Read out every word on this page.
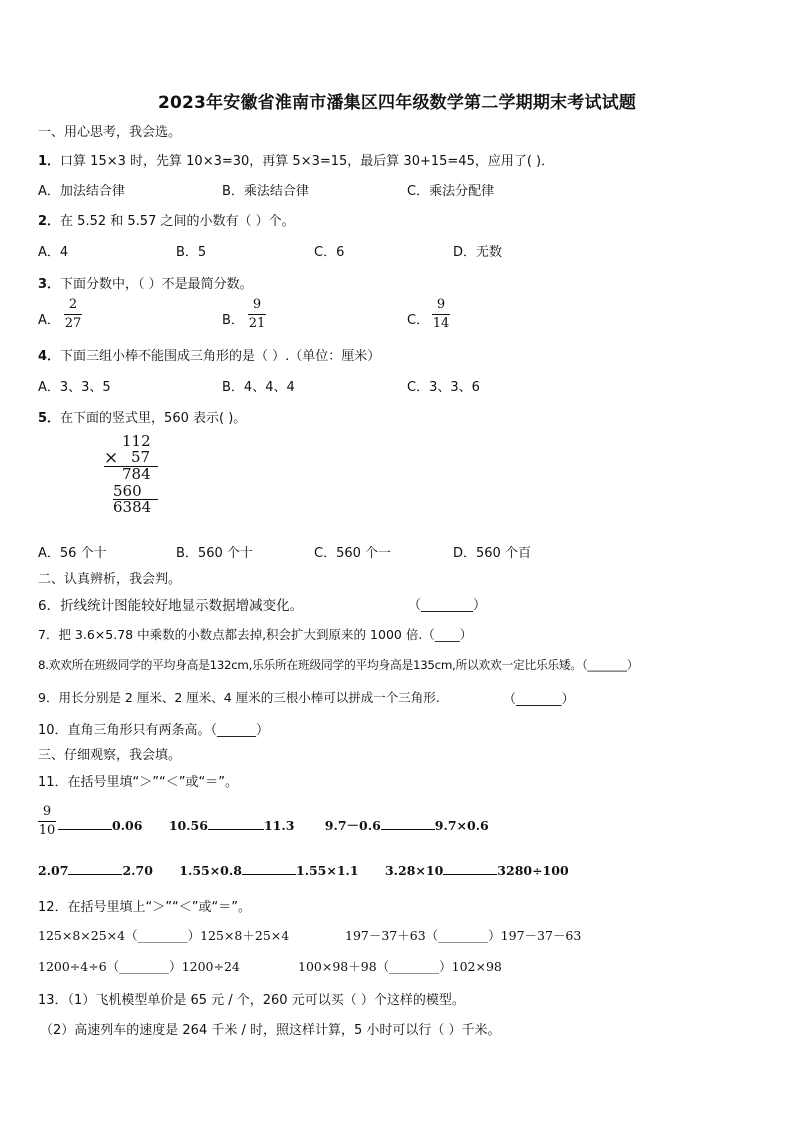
2023年安徽省淮南市潘集区四年级数学第二学期期末考试试题
一、用心思考，我会选。
1．口算 15×3 时，先算 10×3=30，再算 5×3=15，最后算 30+15=45，应用了( )．
A．加法结合律	B．乘法结合律	C．乘法分配律
2．在 5.52 和 5.57 之间的小数有（ ）个。
A．4	B．5	C．6	D．无数
3．下面分数中，（ ）不是最简分数。
A．
2
27	B．
9
21	C．
9
14
4．下面三组小棒不能围成三角形的是（ ）.（单位：厘米）
A．3、3、5	B．4、4、4	C．3、3、6
5．在下面的竖式里，560 表示( )。
112
× 57
784
560
6384
A．56 个十	B．560 个十	C．560 个一	D．560 个百
二、认真辨析，我会判。
6．折线统计图能较好地显示数据增减变化。	（________）
7．把 3.6×5.78 中乘数的小数点都去掉,积会扩大到原来的 1000 倍.（____）
8.欢欢所在班级同学的平均身高是132cm,乐乐所在班级同学的平均身高是135cm,所以欢欢一定比乐乐矮。（_______）
9．用长分别是 2 厘米、2 厘米、4 厘米的三根小棒可以拼成一个三角形.	（_______）
10．直角三角形只有两条高。（______）
三、仔细观察，我会填。
11．在括号里填“＞”“＜”或“＝”。
9
10	0.06 10.56	11.3 9.7－0.6	9.7×0.6
2.07	2.70 1.55×0.8	1.55×1.1 3.28×10	3280÷100
12．在括号里填上“＞”“＜”或“＝”。
125×8×25×4（________）125×8＋25×4	197－37＋63（________）197－37－63
1200÷4÷6（________）1200÷24	100×98＋98（________）102×98
13．（1）飞机模型单价是 65 元 / 个，260 元可以买（ ）个这样的模型。
（2）高速列车的速度是 264 千米 / 时，照这样计算，5 小时可以行（ ）千米。
